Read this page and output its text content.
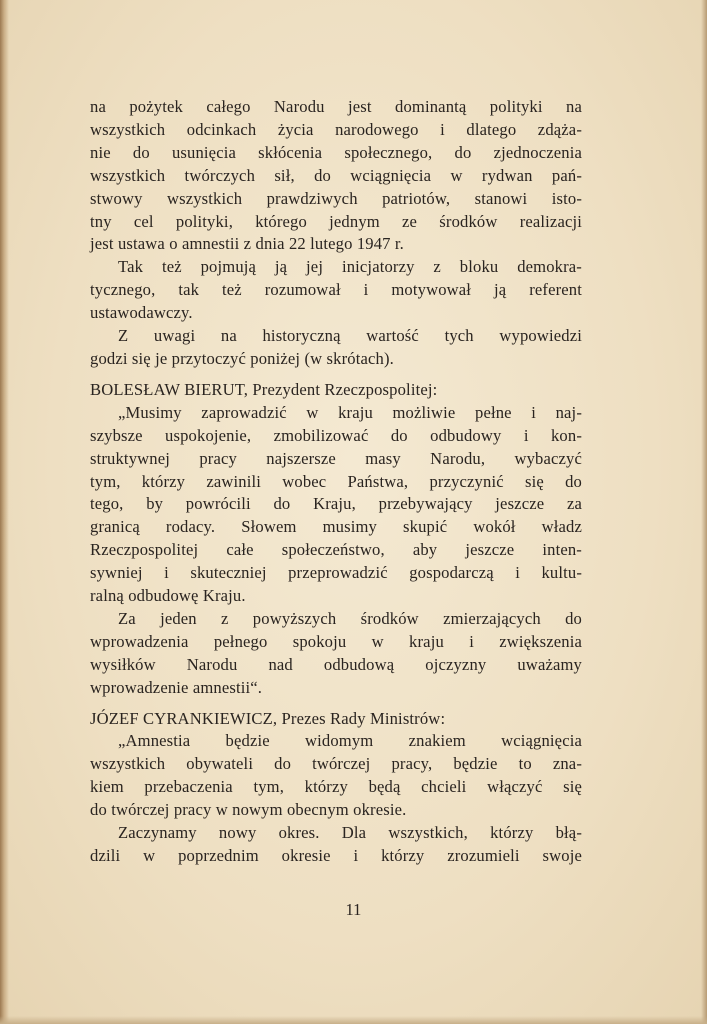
na pożytek całego Narodu jest dominantą polityki na
wszystkich odcinkach życia narodowego i dlatego zdąża-
nie do usunięcia skłócenia społecznego, do zjednoczenia
wszystkich twórczych sił, do wciągnięcia w rydwan pań-
stwowy wszystkich prawdziwych patriotów, stanowi isto-
tny cel polityki, którego jednym ze środków realizacji
jest ustawa o amnestii z dnia 22 lutego 1947 r.
Tak też pojmują ją jej inicjatorzy z bloku demokra-
tycznego, tak też rozumował i motywował ją referent
ustawodawczy.
Z uwagi na historyczną wartość tych wypowiedzi
godzi się je przytoczyć poniżej (w skrótach).
BOLESŁAW BIERUT, Prezydent Rzeczpospolitej:
„Musimy zaprowadzić w kraju możliwie pełne i naj-
szybsze uspokojenie, zmobilizować do odbudowy i kon-
struktywnej pracy najszersze masy Narodu, wybaczyć
tym, którzy zawinili wobec Państwa, przyczynić się do
tego, by powrócili do Kraju, przebywający jeszcze za
granicą rodacy. Słowem musimy skupić wokół władz
Rzeczpospolitej całe społeczeństwo, aby jeszcze inten-
sywniej i skuteczniej przeprowadzić gospodarczą i kultu-
ralną odbudowę Kraju.
Za jeden z powyższych środków zmierzających do
wprowadzenia pełnego spokoju w kraju i zwiększenia
wysiłków Narodu nad odbudową ojczyzny uważamy
wprowadzenie amnestii“.
JÓZEF CYRANKIEWICZ, Prezes Rady Ministrów:
„Amnestia będzie widomym znakiem wciągnięcia
wszystkich obywateli do twórczej pracy, będzie to zna-
kiem przebaczenia tym, którzy będą chcieli włączyć się
do twórczej pracy w nowym obecnym okresie.
Zaczynamy nowy okres. Dla wszystkich, którzy błą-
dzili w poprzednim okresie i którzy zrozumieli swoje
11
